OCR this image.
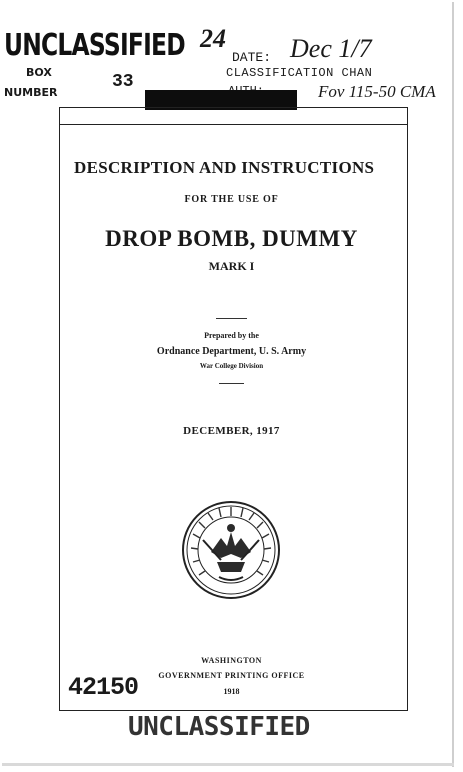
UNCLASSIFIED
BOX
NUMBER
33
24
DATE: Dec 1/7
CLASSIFICATION CHAN
Fov 115-50 CMA
DESCRIPTION AND INSTRUCTIONS
FOR THE USE OF
DROP BOMB, DUMMY
MARK I
Prepared by the
Ordnance Department, U. S. Army
War College Division
DECEMBER, 1917
WASHINGTON
GOVERNMENT PRINTING OFFICE
1918
42150
UNCLASSIFIED
